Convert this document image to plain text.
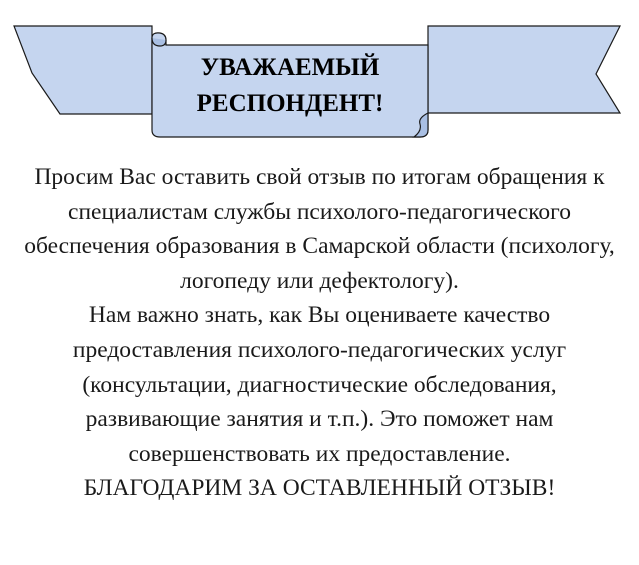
УВАЖАЕМЫЙ
РЕСПОНДЕНТ!

Просим Вас оставить свой отзыв по итогам обращения к специалистам службы психолого-педагогического обеспечения образования в Самарской области (психологу, логопеду или дефектологу).

Нам важно знать, как Вы оцениваете качество предоставления психолого-педагогических услуг (консультации, диагностические обследования, развивающие занятия и т.п.). Это поможет нам совершенствовать их предоставление.

БЛАГОДАРИМ ЗА ОСТАВЛЕННЫЙ ОТЗЫВ!
